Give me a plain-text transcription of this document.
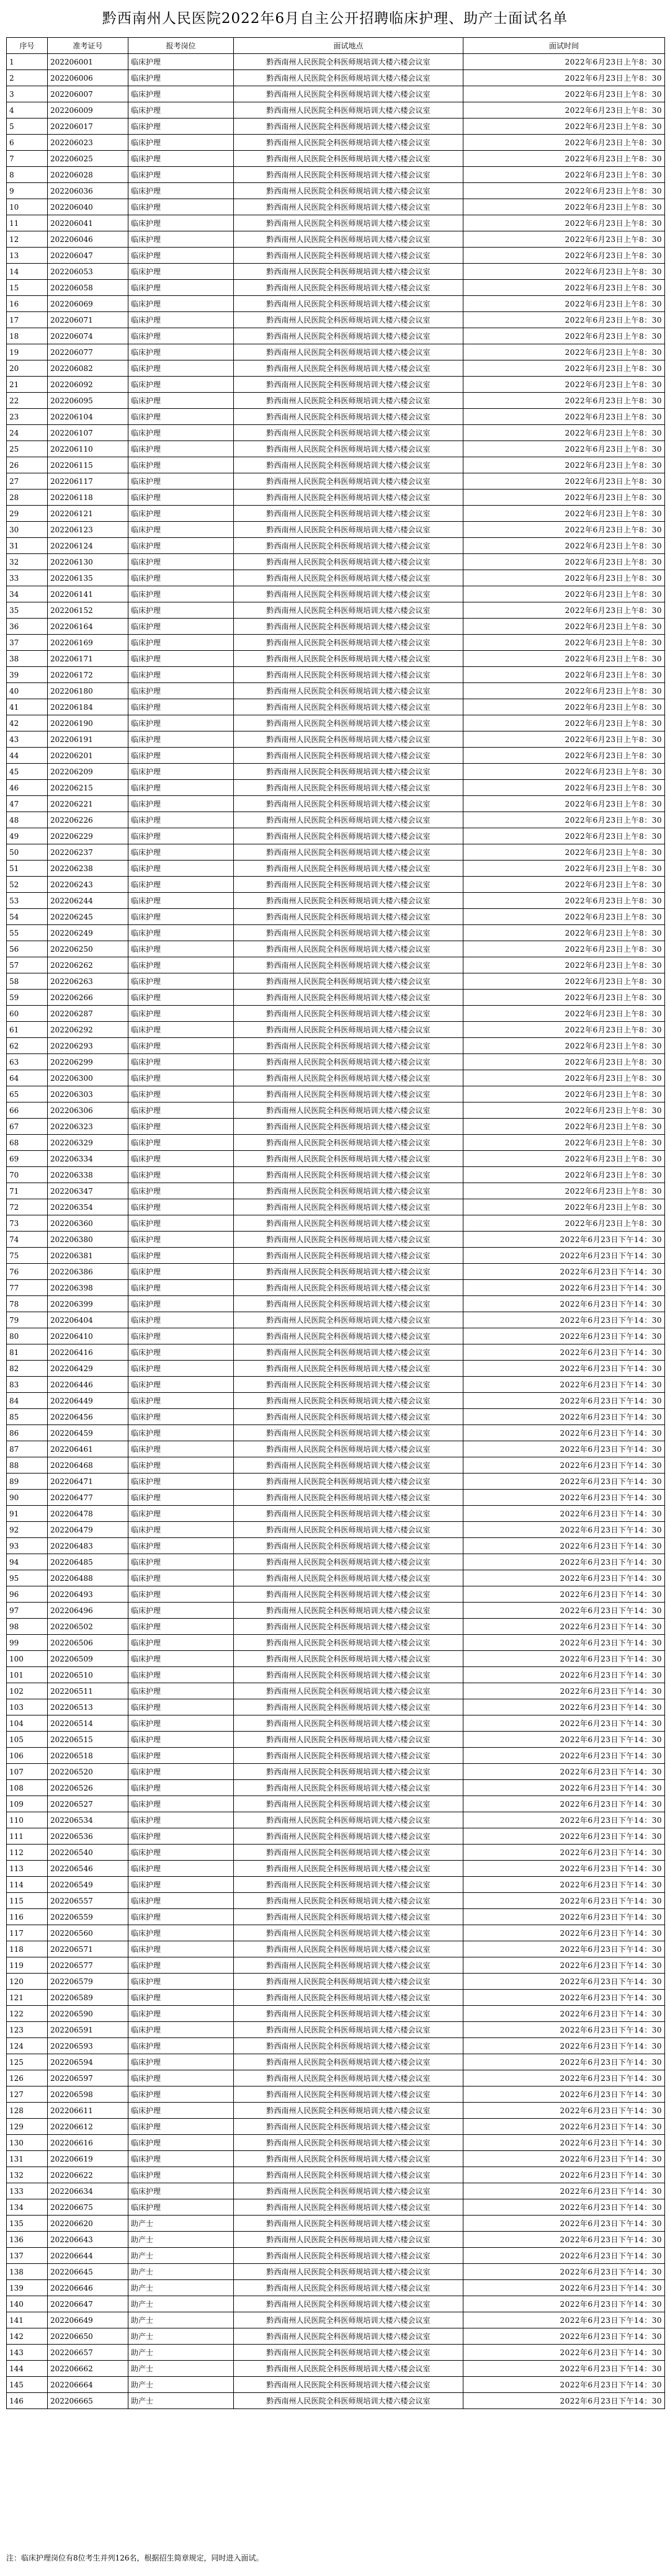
黔西南州人民医院2022年6月自主公开招聘临床护理、助产士面试名单
序号	准考证号	报考岗位	面试地点	面试时间
1	202206001	临床护理	黔西南州人民医院全科医师规培训大楼六楼会议室	2022年6月23日上午8：30
2	202206006	临床护理	黔西南州人民医院全科医师规培训大楼六楼会议室	2022年6月23日上午8：30
3	202206007	临床护理	黔西南州人民医院全科医师规培训大楼六楼会议室	2022年6月23日上午8：30
4	202206009	临床护理	黔西南州人民医院全科医师规培训大楼六楼会议室	2022年6月23日上午8：30
5	202206017	临床护理	黔西南州人民医院全科医师规培训大楼六楼会议室	2022年6月23日上午8：30
6	202206023	临床护理	黔西南州人民医院全科医师规培训大楼六楼会议室	2022年6月23日上午8：30
7	202206025	临床护理	黔西南州人民医院全科医师规培训大楼六楼会议室	2022年6月23日上午8：30
8	202206028	临床护理	黔西南州人民医院全科医师规培训大楼六楼会议室	2022年6月23日上午8：30
9	202206036	临床护理	黔西南州人民医院全科医师规培训大楼六楼会议室	2022年6月23日上午8：30
10	202206040	临床护理	黔西南州人民医院全科医师规培训大楼六楼会议室	2022年6月23日上午8：30
11	202206041	临床护理	黔西南州人民医院全科医师规培训大楼六楼会议室	2022年6月23日上午8：30
12	202206046	临床护理	黔西南州人民医院全科医师规培训大楼六楼会议室	2022年6月23日上午8：30
13	202206047	临床护理	黔西南州人民医院全科医师规培训大楼六楼会议室	2022年6月23日上午8：30
14	202206053	临床护理	黔西南州人民医院全科医师规培训大楼六楼会议室	2022年6月23日上午8：30
15	202206058	临床护理	黔西南州人民医院全科医师规培训大楼六楼会议室	2022年6月23日上午8：30
16	202206069	临床护理	黔西南州人民医院全科医师规培训大楼六楼会议室	2022年6月23日上午8：30
17	202206071	临床护理	黔西南州人民医院全科医师规培训大楼六楼会议室	2022年6月23日上午8：30
18	202206074	临床护理	黔西南州人民医院全科医师规培训大楼六楼会议室	2022年6月23日上午8：30
19	202206077	临床护理	黔西南州人民医院全科医师规培训大楼六楼会议室	2022年6月23日上午8：30
20	202206082	临床护理	黔西南州人民医院全科医师规培训大楼六楼会议室	2022年6月23日上午8：30
21	202206092	临床护理	黔西南州人民医院全科医师规培训大楼六楼会议室	2022年6月23日上午8：30
22	202206095	临床护理	黔西南州人民医院全科医师规培训大楼六楼会议室	2022年6月23日上午8：30
23	202206104	临床护理	黔西南州人民医院全科医师规培训大楼六楼会议室	2022年6月23日上午8：30
24	202206107	临床护理	黔西南州人民医院全科医师规培训大楼六楼会议室	2022年6月23日上午8：30
25	202206110	临床护理	黔西南州人民医院全科医师规培训大楼六楼会议室	2022年6月23日上午8：30
26	202206115	临床护理	黔西南州人民医院全科医师规培训大楼六楼会议室	2022年6月23日上午8：30
27	202206117	临床护理	黔西南州人民医院全科医师规培训大楼六楼会议室	2022年6月23日上午8：30
28	202206118	临床护理	黔西南州人民医院全科医师规培训大楼六楼会议室	2022年6月23日上午8：30
29	202206121	临床护理	黔西南州人民医院全科医师规培训大楼六楼会议室	2022年6月23日上午8：30
30	202206123	临床护理	黔西南州人民医院全科医师规培训大楼六楼会议室	2022年6月23日上午8：30
31	202206124	临床护理	黔西南州人民医院全科医师规培训大楼六楼会议室	2022年6月23日上午8：30
32	202206130	临床护理	黔西南州人民医院全科医师规培训大楼六楼会议室	2022年6月23日上午8：30
33	202206135	临床护理	黔西南州人民医院全科医师规培训大楼六楼会议室	2022年6月23日上午8：30
34	202206141	临床护理	黔西南州人民医院全科医师规培训大楼六楼会议室	2022年6月23日上午8：30
35	202206152	临床护理	黔西南州人民医院全科医师规培训大楼六楼会议室	2022年6月23日上午8：30
36	202206164	临床护理	黔西南州人民医院全科医师规培训大楼六楼会议室	2022年6月23日上午8：30
37	202206169	临床护理	黔西南州人民医院全科医师规培训大楼六楼会议室	2022年6月23日上午8：30
38	202206171	临床护理	黔西南州人民医院全科医师规培训大楼六楼会议室	2022年6月23日上午8：30
39	202206172	临床护理	黔西南州人民医院全科医师规培训大楼六楼会议室	2022年6月23日上午8：30
40	202206180	临床护理	黔西南州人民医院全科医师规培训大楼六楼会议室	2022年6月23日上午8：30
41	202206184	临床护理	黔西南州人民医院全科医师规培训大楼六楼会议室	2022年6月23日上午8：30
42	202206190	临床护理	黔西南州人民医院全科医师规培训大楼六楼会议室	2022年6月23日上午8：30
43	202206191	临床护理	黔西南州人民医院全科医师规培训大楼六楼会议室	2022年6月23日上午8：30
44	202206201	临床护理	黔西南州人民医院全科医师规培训大楼六楼会议室	2022年6月23日上午8：30
45	202206209	临床护理	黔西南州人民医院全科医师规培训大楼六楼会议室	2022年6月23日上午8：30
46	202206215	临床护理	黔西南州人民医院全科医师规培训大楼六楼会议室	2022年6月23日上午8：30
47	202206221	临床护理	黔西南州人民医院全科医师规培训大楼六楼会议室	2022年6月23日上午8：30
48	202206226	临床护理	黔西南州人民医院全科医师规培训大楼六楼会议室	2022年6月23日上午8：30
49	202206229	临床护理	黔西南州人民医院全科医师规培训大楼六楼会议室	2022年6月23日上午8：30
50	202206237	临床护理	黔西南州人民医院全科医师规培训大楼六楼会议室	2022年6月23日上午8：30
51	202206238	临床护理	黔西南州人民医院全科医师规培训大楼六楼会议室	2022年6月23日上午8：30
52	202206243	临床护理	黔西南州人民医院全科医师规培训大楼六楼会议室	2022年6月23日上午8：30
53	202206244	临床护理	黔西南州人民医院全科医师规培训大楼六楼会议室	2022年6月23日上午8：30
54	202206245	临床护理	黔西南州人民医院全科医师规培训大楼六楼会议室	2022年6月23日上午8：30
55	202206249	临床护理	黔西南州人民医院全科医师规培训大楼六楼会议室	2022年6月23日上午8：30
56	202206250	临床护理	黔西南州人民医院全科医师规培训大楼六楼会议室	2022年6月23日上午8：30
57	202206262	临床护理	黔西南州人民医院全科医师规培训大楼六楼会议室	2022年6月23日上午8：30
58	202206263	临床护理	黔西南州人民医院全科医师规培训大楼六楼会议室	2022年6月23日上午8：30
59	202206266	临床护理	黔西南州人民医院全科医师规培训大楼六楼会议室	2022年6月23日上午8：30
60	202206287	临床护理	黔西南州人民医院全科医师规培训大楼六楼会议室	2022年6月23日上午8：30
61	202206292	临床护理	黔西南州人民医院全科医师规培训大楼六楼会议室	2022年6月23日上午8：30
62	202206293	临床护理	黔西南州人民医院全科医师规培训大楼六楼会议室	2022年6月23日上午8：30
63	202206299	临床护理	黔西南州人民医院全科医师规培训大楼六楼会议室	2022年6月23日上午8：30
64	202206300	临床护理	黔西南州人民医院全科医师规培训大楼六楼会议室	2022年6月23日上午8：30
65	202206303	临床护理	黔西南州人民医院全科医师规培训大楼六楼会议室	2022年6月23日上午8：30
66	202206306	临床护理	黔西南州人民医院全科医师规培训大楼六楼会议室	2022年6月23日上午8：30
67	202206323	临床护理	黔西南州人民医院全科医师规培训大楼六楼会议室	2022年6月23日上午8：30
68	202206329	临床护理	黔西南州人民医院全科医师规培训大楼六楼会议室	2022年6月23日上午8：30
69	202206334	临床护理	黔西南州人民医院全科医师规培训大楼六楼会议室	2022年6月23日上午8：30
70	202206338	临床护理	黔西南州人民医院全科医师规培训大楼六楼会议室	2022年6月23日上午8：30
71	202206347	临床护理	黔西南州人民医院全科医师规培训大楼六楼会议室	2022年6月23日上午8：30
72	202206354	临床护理	黔西南州人民医院全科医师规培训大楼六楼会议室	2022年6月23日上午8：30
73	202206360	临床护理	黔西南州人民医院全科医师规培训大楼六楼会议室	2022年6月23日上午8：30
74	202206380	临床护理	黔西南州人民医院全科医师规培训大楼六楼会议室	2022年6月23日下午14：30
75	202206381	临床护理	黔西南州人民医院全科医师规培训大楼六楼会议室	2022年6月23日下午14：30
76	202206386	临床护理	黔西南州人民医院全科医师规培训大楼六楼会议室	2022年6月23日下午14：30
77	202206398	临床护理	黔西南州人民医院全科医师规培训大楼六楼会议室	2022年6月23日下午14：30
78	202206399	临床护理	黔西南州人民医院全科医师规培训大楼六楼会议室	2022年6月23日下午14：30
79	202206404	临床护理	黔西南州人民医院全科医师规培训大楼六楼会议室	2022年6月23日下午14：30
80	202206410	临床护理	黔西南州人民医院全科医师规培训大楼六楼会议室	2022年6月23日下午14：30
81	202206416	临床护理	黔西南州人民医院全科医师规培训大楼六楼会议室	2022年6月23日下午14：30
82	202206429	临床护理	黔西南州人民医院全科医师规培训大楼六楼会议室	2022年6月23日下午14：30
83	202206446	临床护理	黔西南州人民医院全科医师规培训大楼六楼会议室	2022年6月23日下午14：30
84	202206449	临床护理	黔西南州人民医院全科医师规培训大楼六楼会议室	2022年6月23日下午14：30
85	202206456	临床护理	黔西南州人民医院全科医师规培训大楼六楼会议室	2022年6月23日下午14：30
86	202206459	临床护理	黔西南州人民医院全科医师规培训大楼六楼会议室	2022年6月23日下午14：30
87	202206461	临床护理	黔西南州人民医院全科医师规培训大楼六楼会议室	2022年6月23日下午14：30
88	202206468	临床护理	黔西南州人民医院全科医师规培训大楼六楼会议室	2022年6月23日下午14：30
89	202206471	临床护理	黔西南州人民医院全科医师规培训大楼六楼会议室	2022年6月23日下午14：30
90	202206477	临床护理	黔西南州人民医院全科医师规培训大楼六楼会议室	2022年6月23日下午14：30
91	202206478	临床护理	黔西南州人民医院全科医师规培训大楼六楼会议室	2022年6月23日下午14：30
92	202206479	临床护理	黔西南州人民医院全科医师规培训大楼六楼会议室	2022年6月23日下午14：30
93	202206483	临床护理	黔西南州人民医院全科医师规培训大楼六楼会议室	2022年6月23日下午14：30
94	202206485	临床护理	黔西南州人民医院全科医师规培训大楼六楼会议室	2022年6月23日下午14：30
95	202206488	临床护理	黔西南州人民医院全科医师规培训大楼六楼会议室	2022年6月23日下午14：30
96	202206493	临床护理	黔西南州人民医院全科医师规培训大楼六楼会议室	2022年6月23日下午14：30
97	202206496	临床护理	黔西南州人民医院全科医师规培训大楼六楼会议室	2022年6月23日下午14：30
98	202206502	临床护理	黔西南州人民医院全科医师规培训大楼六楼会议室	2022年6月23日下午14：30
99	202206506	临床护理	黔西南州人民医院全科医师规培训大楼六楼会议室	2022年6月23日下午14：30
100	202206509	临床护理	黔西南州人民医院全科医师规培训大楼六楼会议室	2022年6月23日下午14：30
101	202206510	临床护理	黔西南州人民医院全科医师规培训大楼六楼会议室	2022年6月23日下午14：30
102	202206511	临床护理	黔西南州人民医院全科医师规培训大楼六楼会议室	2022年6月23日下午14：30
103	202206513	临床护理	黔西南州人民医院全科医师规培训大楼六楼会议室	2022年6月23日下午14：30
104	202206514	临床护理	黔西南州人民医院全科医师规培训大楼六楼会议室	2022年6月23日下午14：30
105	202206515	临床护理	黔西南州人民医院全科医师规培训大楼六楼会议室	2022年6月23日下午14：30
106	202206518	临床护理	黔西南州人民医院全科医师规培训大楼六楼会议室	2022年6月23日下午14：30
107	202206520	临床护理	黔西南州人民医院全科医师规培训大楼六楼会议室	2022年6月23日下午14：30
108	202206526	临床护理	黔西南州人民医院全科医师规培训大楼六楼会议室	2022年6月23日下午14：30
109	202206527	临床护理	黔西南州人民医院全科医师规培训大楼六楼会议室	2022年6月23日下午14：30
110	202206534	临床护理	黔西南州人民医院全科医师规培训大楼六楼会议室	2022年6月23日下午14：30
111	202206536	临床护理	黔西南州人民医院全科医师规培训大楼六楼会议室	2022年6月23日下午14：30
112	202206540	临床护理	黔西南州人民医院全科医师规培训大楼六楼会议室	2022年6月23日下午14：30
113	202206546	临床护理	黔西南州人民医院全科医师规培训大楼六楼会议室	2022年6月23日下午14：30
114	202206549	临床护理	黔西南州人民医院全科医师规培训大楼六楼会议室	2022年6月23日下午14：30
115	202206557	临床护理	黔西南州人民医院全科医师规培训大楼六楼会议室	2022年6月23日下午14：30
116	202206559	临床护理	黔西南州人民医院全科医师规培训大楼六楼会议室	2022年6月23日下午14：30
117	202206560	临床护理	黔西南州人民医院全科医师规培训大楼六楼会议室	2022年6月23日下午14：30
118	202206571	临床护理	黔西南州人民医院全科医师规培训大楼六楼会议室	2022年6月23日下午14：30
119	202206577	临床护理	黔西南州人民医院全科医师规培训大楼六楼会议室	2022年6月23日下午14：30
120	202206579	临床护理	黔西南州人民医院全科医师规培训大楼六楼会议室	2022年6月23日下午14：30
121	202206589	临床护理	黔西南州人民医院全科医师规培训大楼六楼会议室	2022年6月23日下午14：30
122	202206590	临床护理	黔西南州人民医院全科医师规培训大楼六楼会议室	2022年6月23日下午14：30
123	202206591	临床护理	黔西南州人民医院全科医师规培训大楼六楼会议室	2022年6月23日下午14：30
124	202206593	临床护理	黔西南州人民医院全科医师规培训大楼六楼会议室	2022年6月23日下午14：30
125	202206594	临床护理	黔西南州人民医院全科医师规培训大楼六楼会议室	2022年6月23日下午14：30
126	202206597	临床护理	黔西南州人民医院全科医师规培训大楼六楼会议室	2022年6月23日下午14：30
127	202206598	临床护理	黔西南州人民医院全科医师规培训大楼六楼会议室	2022年6月23日下午14：30
128	202206611	临床护理	黔西南州人民医院全科医师规培训大楼六楼会议室	2022年6月23日下午14：30
129	202206612	临床护理	黔西南州人民医院全科医师规培训大楼六楼会议室	2022年6月23日下午14：30
130	202206616	临床护理	黔西南州人民医院全科医师规培训大楼六楼会议室	2022年6月23日下午14：30
131	202206619	临床护理	黔西南州人民医院全科医师规培训大楼六楼会议室	2022年6月23日下午14：30
132	202206622	临床护理	黔西南州人民医院全科医师规培训大楼六楼会议室	2022年6月23日下午14：30
133	202206634	临床护理	黔西南州人民医院全科医师规培训大楼六楼会议室	2022年6月23日下午14：30
134	202206675	临床护理	黔西南州人民医院全科医师规培训大楼六楼会议室	2022年6月23日下午14：30
135	202206620	助产士	黔西南州人民医院全科医师规培训大楼六楼会议室	2022年6月23日下午14：30
136	202206643	助产士	黔西南州人民医院全科医师规培训大楼六楼会议室	2022年6月23日下午14：30
137	202206644	助产士	黔西南州人民医院全科医师规培训大楼六楼会议室	2022年6月23日下午14：30
138	202206645	助产士	黔西南州人民医院全科医师规培训大楼六楼会议室	2022年6月23日下午14：30
139	202206646	助产士	黔西南州人民医院全科医师规培训大楼六楼会议室	2022年6月23日下午14：30
140	202206647	助产士	黔西南州人民医院全科医师规培训大楼六楼会议室	2022年6月23日下午14：30
141	202206649	助产士	黔西南州人民医院全科医师规培训大楼六楼会议室	2022年6月23日下午14：30
142	202206650	助产士	黔西南州人民医院全科医师规培训大楼六楼会议室	2022年6月23日下午14：30
143	202206657	助产士	黔西南州人民医院全科医师规培训大楼六楼会议室	2022年6月23日下午14：30
144	202206662	助产士	黔西南州人民医院全科医师规培训大楼六楼会议室	2022年6月23日下午14：30
145	202206664	助产士	黔西南州人民医院全科医师规培训大楼六楼会议室	2022年6月23日下午14：30
146	202206665	助产士	黔西南州人民医院全科医师规培训大楼六楼会议室	2022年6月23日下午14：30
注：临床护理岗位有8位考生并列126名，根据招生简章规定，同时进入面试。
